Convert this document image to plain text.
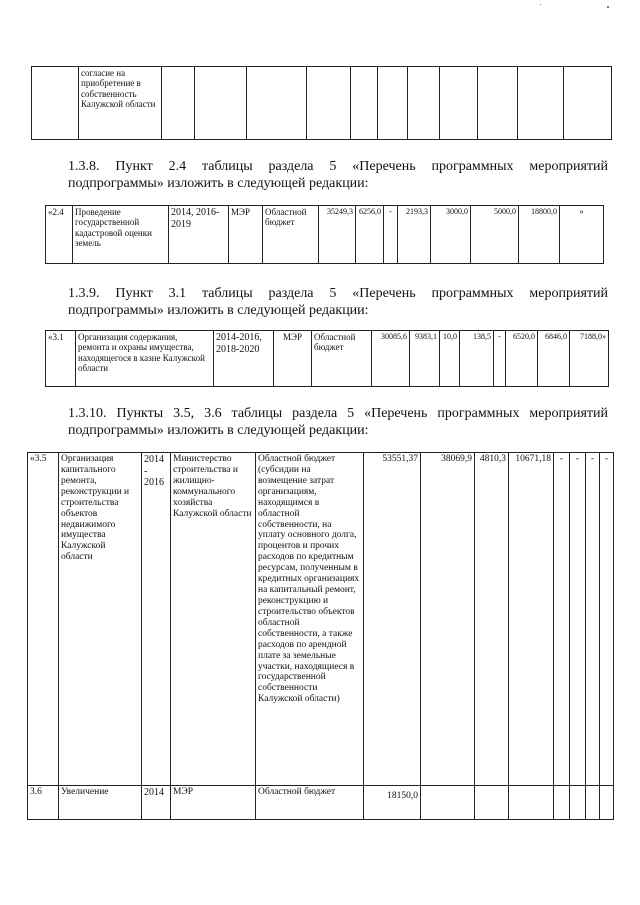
	согласие на приобретение в собственность Калужской области											
1.3.8. Пункт 2.4 таблицы раздела 5 «Перечень программных мероприятий
подпрограммы» изложить в следующей редакции:
«2.4	Проведение государственной кадастровой оценки земель	2014, 2016-2019	МЭР	Областной бюджет	35249,3	6256,0	-	2193,3	3000,0	5000,0	18800,0	»
1.3.9. Пункт 3.1 таблицы раздела 5 «Перечень программных мероприятий
подпрограммы» изложить в следующей редакции:
«3.1	Организация содержания, ремонта и охраны имущества, находящегося в казне Калужской области	2014-2016, 2018-2020	МЭР	Областной бюджет	30085,6	9383,1	10,0	138,5	-	6520,0	6846,0	7188,0»
1.3.10. Пункты 3.5, 3.6 таблицы раздела 5 «Перечень программных мероприятий
подпрограммы» изложить в следующей редакции:
«3.5	Организация капитального ремонта, реконструкции и строительства объектов недвижимого имущества Калужской области	2014 - 2016	Министерство строительства и жилищно-коммунального хозяйства Калужской области	Областной бюджет (субсидии на возмещение затрат организациям, находящимся в областной собственности, на уплату основного долга, процентов и прочих расходов по кредитным ресурсам, полученным в кредитных организациях на капитальный ремонт, реконструкцию и строительство объектов областной собственности, а также расходов по арендной плате за земельные участки, находящиеся в государственной собственности Калужской области)	53551,37	38069,9	4810,3	10671,18	-	-	-	-
3.6	Увеличение	2014	МЭР	Областной бюджет	18150,0							
